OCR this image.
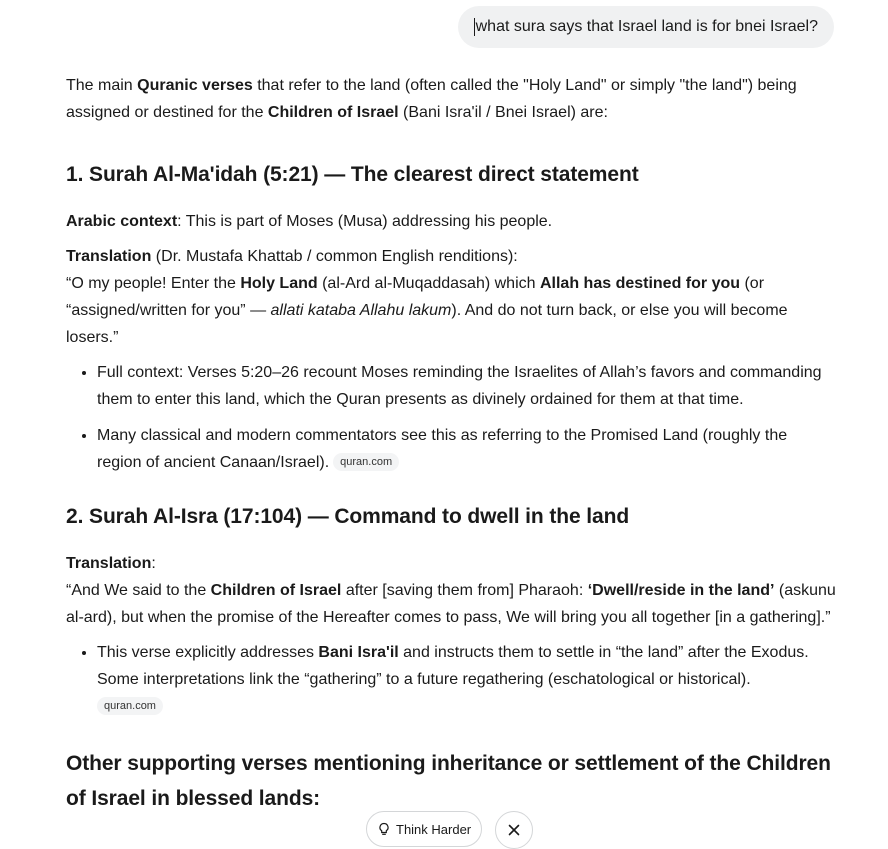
what sura says that Israel land is for bnei Israel?

The main Quranic verses that refer to the land (often called the "Holy Land" or simply "the land") being assigned or destined for the Children of Israel (Bani Isra'il / Bnei Israel) are:

1. Surah Al-Ma'idah (5:21) — The clearest direct statement

Arabic context: This is part of Moses (Musa) addressing his people.

Translation (Dr. Mustafa Khattab / common English renditions):
“O my people! Enter the Holy Land (al-Ard al-Muqaddasah) which Allah has destined for you (or “assigned/written for you” — allati kataba Allahu lakum). And do not turn back, or else you will become losers.”

• Full context: Verses 5:20–26 recount Moses reminding the Israelites of Allah’s favors and commanding them to enter this land, which the Quran presents as divinely ordained for them at that time.
• Many classical and modern commentators see this as referring to the Promised Land (roughly the region of ancient Canaan/Israel). quran.com
2. Surah Al-Isra (17:104) — Command to dwell in the land

Translation:
“And We said to the Children of Israel after [saving them from] Pharaoh: ‘Dwell/reside in the land’ (askunu al-ard), but when the promise of the Hereafter comes to pass, We will bring you all together [in a gathering].”

• This verse explicitly addresses Bani Isra'il and instructs them to settle in “the land” after the Exodus. Some interpretations link the “gathering” to a future regathering (eschatological or historical).
quran.com
Other supporting verses mentioning inheritance or settlement of the Children of Israel in blessed lands:
Think Harder
